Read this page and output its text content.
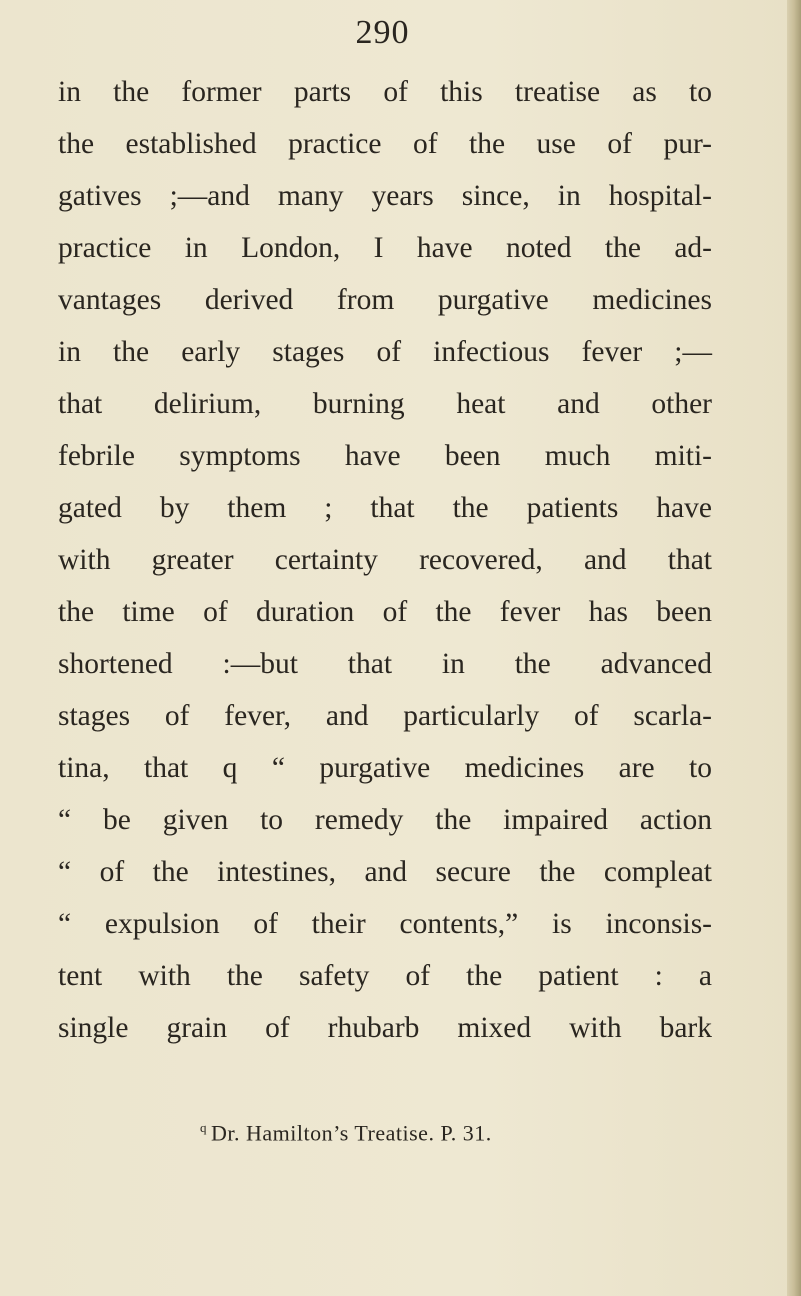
290
in the former parts of this treatise as to
the established practice of the use of pur-
gatives ;—and many years since, in hospital-
practice in London, I have noted the ad-
vantages derived from purgative medicines
in the early stages of infectious fever ;—
that delirium, burning heat and other
febrile symptoms have been much miti-
gated by them ; that the patients have
with greater certainty recovered, and that
the time of duration of the fever has been
shortened :—but that in the advanced
stages of fever, and particularly of scarla-
tina, that q “ purgative medicines are to
“ be given to remedy the impaired action
“ of the intestines, and secure the compleat
“ expulsion of their contents,” is inconsis-
tent with the safety of the patient : a
single grain of rhubarb mixed with bark
$^q$ Dr. Hamilton’s Treatise. P. 31.
